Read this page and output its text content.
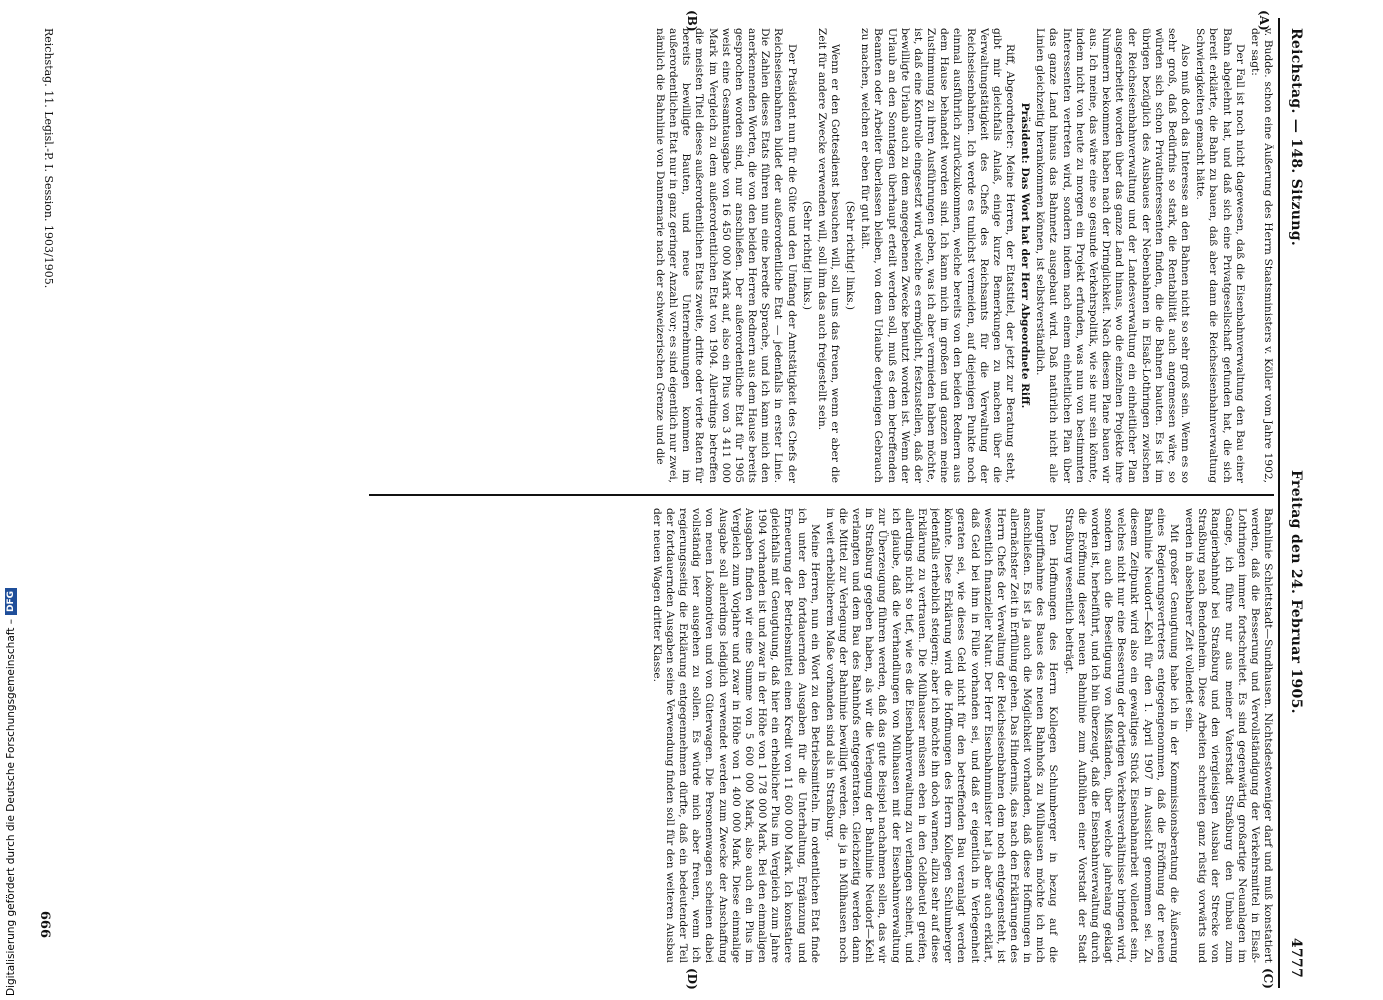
Reichstag. — 148. Sitzung.
Freitag den 24. Februar 1905.
4777
(A)
(B)
(C)
(D)

v. Budde. schon eine Äußerung des Herrn Staatsministers v. Köller vom Jahre 1902, der sagt:

Der Fall ist noch nicht dagewesen, daß die Eisenbahnverwaltung den Bau einer Bahn abgelehnt hat, und daß sich eine Privatgesellschaft gefunden hat, die sich bereit erklärte, die Bahn zu bauen, daß aber dann die Reichseisenbahnverwaltung Schwierigkeiten gemacht hätte.

Also muß doch das Interesse an den Bahnen nicht so sehr groß sein. Wenn es so sehr groß, daß Bedürfnis so stark, die Rentabilität auch angemessen wäre, so würden sich schon Privatinteressenten finden, die die Bahnen bauten. Es ist im übrigen bezüglich des Ausbaues der Nebenbahnen in Elsaß-Lothringen zwischen der Reichseisenbahnverwaltung und der Landesverwaltung ein einheitlicher Plan ausgearbeitet worden über das ganze Land hinaus, wo die einzelnen Projekte ihre Nummern bekommen haben nach der Dringlichkeit. Nach diesem Plane bauen wir aus. Ich meine, das wäre eine so gesunde Verkehrspolitik, wie sie nur sein könnte, indem nicht von heute zu morgen ein Projekt erfunden, was nun von bestimmten Interessenten vertreten wird, sondern indem nach einem einheitlichen Plan über das ganze Land hinaus das Bahnnetz ausgebaut wird. Daß natürlich nicht alle Linien gleichzeitig herankommen können, ist selbstverständlich.

Präsident: Das Wort hat der Herr Abgeordnete Riff.

Riff, Abgeordneter: Meine Herren, der Etatstitel, der jetzt zur Beratung steht, gibt mir gleichfalls Anlaß, einige kurze Bemerkungen zu machen über die Verwaltungstätigkeit des Chefs des Reichsamts für die Verwaltung der Reichseisenbahnen. Ich werde es tunlichst vermeiden, auf diejenigen Punkte noch einmal ausführlich zurückzukommen, welche bereits von den beiden Rednern aus dem Hause behandelt worden sind. Ich kann mich im großen und ganzen meine Zustimmung zu ihren Ausführungen geben, was ich aber vermieden haben möchte, ist, daß eine Kontrolle eingesetzt wird, welche es ermöglicht, festzustellen, daß der bewilligte Urlaub auch zu dem angegebenen Zwecke benutzt worden ist. Wenn der Urlaub an den Sonntagen überhaupt erteilt werden soll, muß es dem betreffenden Beamten oder Arbeiter überlassen bleiben, von dem Urlaube denjenigen Gebrauch zu machen, welchen er eben für gut hält.

(Sehr richtig! links.)

Wenn er den Gottesdienst besuchen will, soll uns das freuen, wenn er aber die Zeit für andere Zwecke verwenden will, soll ihm das auch freigestellt sein.

(Sehr richtig! links.)

Der Präsident nun für die Güte und den Umfang der Amtstätigkeit des Chefs der Reichseisenbahnen bildet der außerordentliche Etat — jedenfalls in erster Linie. Die Zahlen dieses Etats führen nun eine beredte Sprache, und ich kann mich den anerkennenden Worten, die von den beiden Herren Rednern aus dem Hause bereits gesprochen worden sind, nur anschließen. Der außerordentliche Etat für 1905 weist eine Gesamtausgabe von 16 450 000 Mark auf, also ein Plus von 3 411 000 Mark im Vergleich zu dem außerordentlichen Etat von 1904. Allerdings betreffen die meisten Titel dieses außerordentlichen Etats zweite, dritte oder vierte Raten für bereits bewilligte Bauten, und neue Unternehmungen kommen im außerordentlichen Etat nur in ganz geringer Anzahl vor; es sind eigentlich nur zwei, nämlich die Bahnlinie von Dannemarie nach der schweizerischen Grenze und die

Bahnlinie Schlettstadt—Sundhausen. Nichtsdestoweniger darf und muß konstatiert werden, daß die Besserung und Vervollständigung der Verkehrsmittel in Elsaß-Lothringen immer fortschreitet. Es sind gegenwärtig großartige Neuanlagen im Gange, ich führe nur aus meiner Vaterstadt Straßburg den Umbau zum Rangierbahnhof bei Straßburg und den viergleisigen Ausbau der Strecke von Straßburg nach Bendenheim. Diese Arbeiten schreiten ganz rüstig vorwärts und werden in absehbarer Zeit vollendet sein.

Mit großer Genugtuung habe ich in der Kommissionsberatung die Äußerung eines Regierungsvertreters entgegengenommen, daß die Eröffnung der neuen Bahnlinie Neudorf—Kehl für den 1. April 1907 in Aussicht genommen sei. Zu diesem Zeitpunkt wird also ein gewaltiges Stück Eisenbahnarbeit vollendet sein, welches nicht nur eine Besserung der dortigen Verkehrsverhältnisse bringen wird, sondern auch die Beseitigung von Mißständen, über welche jahrelang geklagt worden ist, herbeiführt, und ich bin überzeugt, daß die Eisenbahnverwaltung durch die Eröffnung dieser neuen Bahnlinie zum Aufblühen einer Vorstadt der Stadt Straßburg wesentlich beiträgt.

Den Hoffnungen des Herrn Kollegen Schlumberger in bezug auf die Inangriffnahme des Baues des neuen Bahnhofs zu Mülhausen möchte ich mich anschließen. Es ist ja auch die Möglichkeit vorhanden, daß diese Hoffnungen in allernächster Zeit in Erfüllung gehen. Das Hindernis, das nach den Erklärungen des Herrn Chefs der Verwaltung der Reichseisenbahnen dem noch entgegensteht, ist wesentlich finanzieller Natur. Der Herr Eisenbahnminister hat ja aber auch erklärt, daß Geld bei ihm in Fülle vorhanden sei, und daß er eigentlich in Verlegenheit geraten sei, wie dieses Geld nicht für den betreffenden Bau veranlagt werden könnte. Diese Erklärung wird die Hoffnungen des Herrn Kollegen Schlumberger jedenfalls erheblich steigern; aber ich möchte ihn doch warnen, allzu sehr auf diese Erklärung zu vertrauen. Die Mülhauser müssen eben in den Geldbeutel greifen, allerdings nicht so tief, wie es die Eisenbahnverwaltung zu verlangen scheint, und ich glaube, daß die Verhandlungen von Mülhausen mit der Eisenbahnverwaltung zur Überzeugung führen werden, daß das gute Beispiel nachahmen sollen, das wir in Straßburg gegeben haben, als wir die Verlegung der Bahnlinie Neudorf—Kehl verlangten und dem Bau des Bahnhofs entgegentraten. Gleichzeitig werden dann die Mittel zur Verlegung der Bahnlinie bewilligt werden, die ja in Mülhausen noch in weit erheblicherem Maße vorhanden sind als in Straßburg.

Meine Herren, nun ein Wort zu den Betriebsmitteln. Im ordentlichen Etat finde ich unter den fortdauernden Ausgaben für die Unterhaltung, Ergänzung und Erneuerung der Betriebsmittel einen Kredit von 11 600 000 Mark. Ich konstatiere gleichfalls mit Genugtuung, daß hier ein erheblicher Plus im Vergleich zum Jahre 1904 vorhanden ist und zwar in der Höhe von 1 178 000 Mark. Bei den einmaligen Ausgaben finden wir eine Summe von 5 600 000 Mark, also auch ein Plus im Vergleich zum Vorjahre und zwar in Höhe von 1 400 000 Mark. Diese einmalige Ausgabe soll allerdings lediglich verwendet werden zum Zwecke der Anschaffung von neuen Lokomotiven und von Güterwagen. Die Personenwagen scheinen dabei vollständig leer ausgehen zu sollen. Es würde mich aber freuen, wenn ich regierungsseitig die Erklärung entgegennehmen dürfte, daß ein bedeutender Teil der fortdauernden Ausgaben seine Verwendung finden soll für den weiteren Ausbau der neuen Wagen dritter Klasse.

Reichstag. 11. Legisl.-P. I. Session. 1903/1905.
666
Digitalisierung gefördert durch die Deutsche Forschungsgemeinschaft –
DFG
